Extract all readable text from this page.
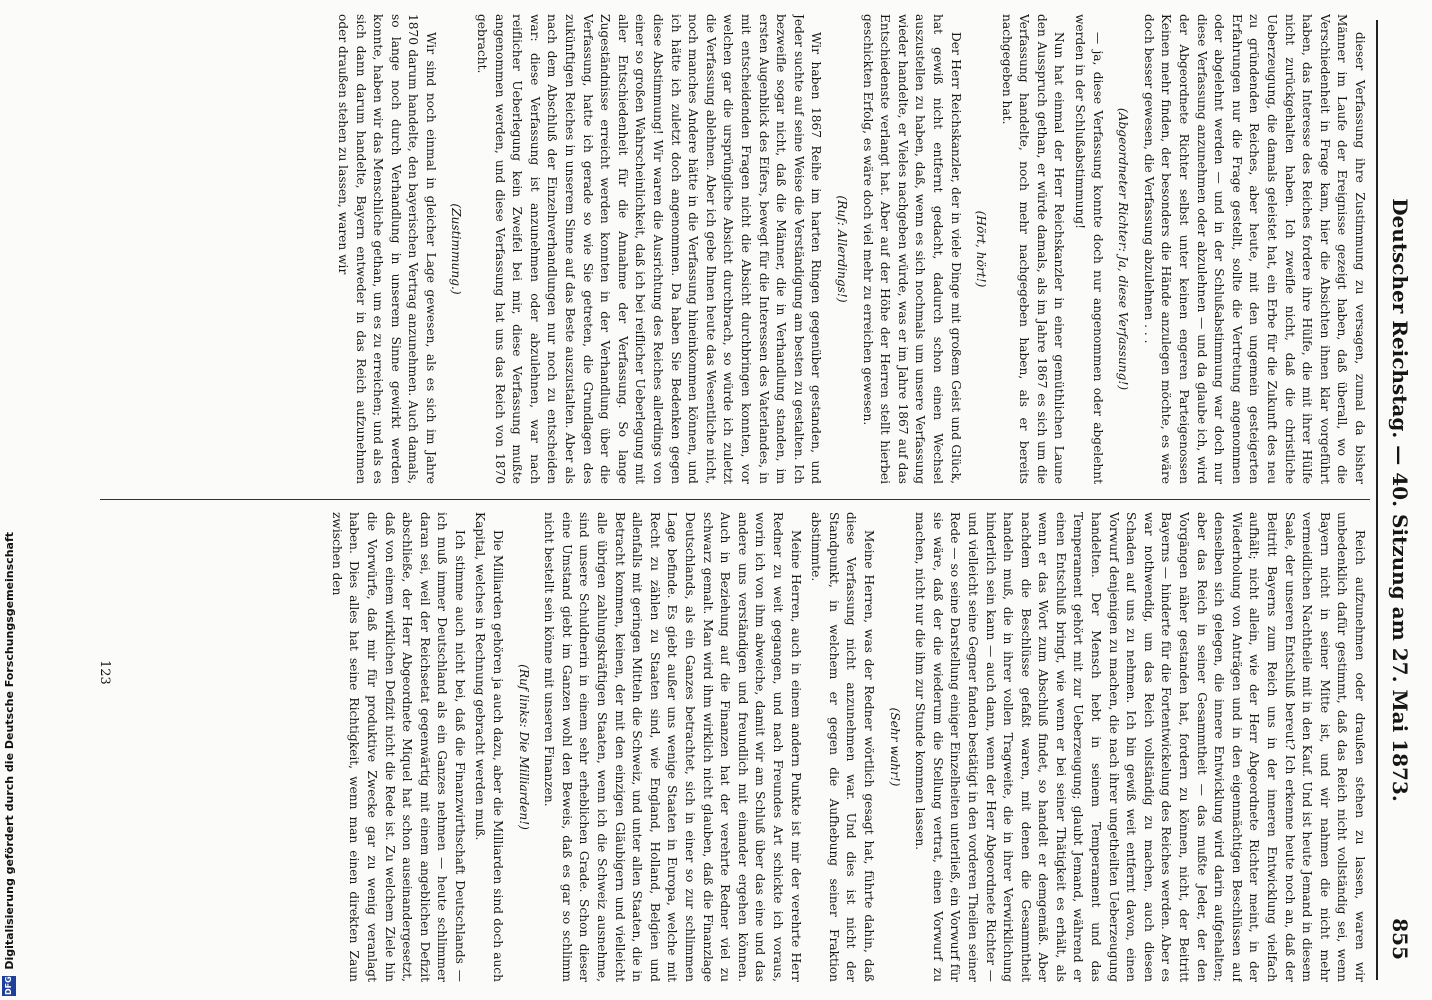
Deutscher Reichstag. — 40. Sitzung am 27. Mai 1873.
855

dieser Verfassung ihre Zustimmung zu versagen, zumal da bisher Männer im Laufe der Ereignisse gezeigt haben, daß überall, wo die Verschiedenheit in Frage kam, hier die Absichten ihnen klar vorgeführt haben, das Interesse des Reiches fordere ihre Hülfe, die mit ihrer Hülfe nicht zurückgehalten haben. Ich zweifle nicht, daß die christliche Ueberzeugung, die damals geleistet hat, ein Erbe für die Zukunft des neu zu gründenden Reiches, aber heute, mit den ungemein gesteigerten Erfahrungen nur die Frage gestellt, sollte die Vertretung angenommen oder abgelehnt werden — und in der Schlußabstimmung war doch nur diese Verfassung anzunehmen oder abzulehnen — und da glaube ich, wird der Abgeordnete Richter selbst unter keinen engeren Parteigenossen Keinen mehr finden, der besonders die Hände anzulegen möchte, es wäre doch besser gewesen, die Verfassung abzulehnen . . .

(Abgeordneter Richter: Ja, diese Verfassung!)

— ja, diese Verfassung konnte doch nur angenommen oder abgelehnt werden in der Schlußabstimmung!

Nun hat einmal der Herr Reichskanzler in einer gemüthlichen Laune den Ausspruch gethan, er würde damals, als im Jahre 1867 es sich um die Verfassung handelte, noch mehr nachgegeben haben, als er bereits nachgegeben hat.

(Hört, hört!)

Der Herr Reichskanzler, der in viele Dinge mit großem Geist und Glück, hat gewiß nicht entfernt gedacht, dadurch schon einen Wechsel auszustellen zu haben, daß, wenn es sich nochmals um unsere Verfassung wieder handelte, er Vieles nachgeben würde, was er im Jahre 1867 auf das Entschiedenste verlangt hat. Aber auf der Höhe der Herren stellt hierbei geschickten Erfolg, es wäre doch viel mehr zu erreichen gewesen.

(Ruf: Allerdings!)

Wir haben 1867 Reihe im harten Ringen gegenüber gestanden, und Jeder suchte auf seine Weise die Verständigung am besten zu gestalten. Ich bezweifle sogar nicht, daß die Männer, die in Verhandlung standen, im ersten Augenblick des Eifers, bewegt für die Interessen des Vaterlandes, in mit entscheidenden Fragen nicht die Absicht durchbringen konnten, vor welchen gar die ursprüngliche Absicht durchbrach, so würde ich zuletzt die Verfassung ablehnen. Aber ich gebe Ihnen heute das Wesentliche nicht, noch manches Andere hätte in die Verfassung hineinkommen können, und ich hätte ich zuletzt doch angenommen. Da haben Sie Bedenken gegen diese Abstimmung! Wir waren die Ausrichtung des Reiches allerdings von einer so großen Wahrscheinlichkeit, daß ich bei reiflicher Ueberlegung mit aller Entschiedenheit für die Annahme der Verfassung. So lange Zugeständnisse erreicht werden konnten in der Verhandlung über die Verfassung, hatte ich gerade so wie Sie getreten, die Grundlagen des zukünftigen Reiches in unserem Sinne auf das Beste auszustalten. Aber als nach dem Abschluß der Einzelnverhandlungen nur noch zu entscheiden war: diese Verfassung ist anzunehmen oder abzulehnen, war nach reiflicher Ueberlegung kein Zweifel bei mir, diese Verfassung mußte angenommen werden, und diese Verfassung hat uns das Reich von 1870 gebracht.

(Zustimmung.)

Wir sind noch einmal in gleicher Lage gewesen, als es sich im Jahre 1870 darum handelte, den bayerischen Vertrag anzunehmen. Auch damals, so lange noch durch Verhandlung in unserem Sinne gewirkt werden konnte, haben wir das Menschliche gethan, um es zu erreichen; und als es sich dann darum handelte, Bayern entweder in das Reich aufzunehmen oder draußen stehen zu lassen, waren wir

Reich aufzunehmen oder draußen stehen zu lassen, waren wir unbedenklich dafür gestimmt, daß das Reich nicht vollständig sei, wenn Bayern nicht in seiner Mitte ist, und wir nahmen die nicht mehr vermeidlichen Nachtheile mit in den Kauf. Und ist heute Jemand in diesem Saale, der unseren Entschluß bereut? Ich erkenne heute noch an, daß der Beitritt Bayerns zum Reich uns in der inneren Entwicklung vielfach aufhält; nicht allein, wie der Herr Abgeordnete Richter meint, in der Wiederholung von Anträgen und in den eigenmächtigen Beschlüssen auf denselben sich gelegen, die innere Entwicklung wird darin aufgehalten; aber das Reich in seiner Gesammtheit — das mußte Jeder, der den Vorgängen näher gestanden hat, fordern zu können, nicht, der Beitritt Bayerns — hinderte für die Fortentwickelung des Reiches werden. Aber es war nothwendig, um das Reich vollständig zu machen, auch diesen Schaden auf uns zu nehmen. Ich bin gewiß weit entfernt davon, einen Vorwurf denjenigen zu machen, die nach ihrer ungetheilten Ueberzeugung handelten. Der Mensch hebt in seinem Temperament und das Temperament gehört mit zur Ueberzeugung; glaubt Jemand, während er einen Entschluß bringt, wie wenn er bei seiner Thätigkeit es erhält, als wenn er das Wort zum Abschluß findet, so handelt er demgemäß. Aber nachdem die Beschlüsse gefaßt waren, mit denen die Gesammtheit handeln muß, die in ihrer vollen Tragweite, die in ihrer Verwirklichung hinderlich sein kann — auch dann, wenn der Herr Abgeordnete Richter — und vielleicht seine Gegner fanden bestätigt in den vorderen Theilen seiner Rede — so seine Darstellung einiger Einzelheiten unterließ, ein Vorwurf für sie wäre, daß der die wiederum die Stellung vertrat, einen Vorwurf zu machen, nicht nur die ihm zur Stunde kommen lassen.

(Sehr wahr!)

Meine Herren, was der Redner wörtlich gesagt hat, führte dahin, daß diese Verfassung nicht anzunehmen war. Und dies ist nicht der Standpunkt, in welchem er gegen die Aufhebung seiner Fraktion abstimmte.

Meine Herren, auch in einem andern Punkte ist mir der verehrte Herr Redner zu weit gegangen, und nach Freundes Art schickte ich voraus, worin ich von ihm abweiche, damit wir am Schluß über das eine und das andere uns verständigen und freundlich mit einander ergehen können. Auch in Beziehung auf die Finanzen hat der verehrte Redner viel zu schwarz gemalt. Man wird ihm wirklich nicht glauben, daß die Finanzlage Deutschlands, als ein Ganzes betrachtet, sich in einer so zur schlimmen Lage befinde. Es giebt außer uns wenige Staaten in Europa, welche mit Recht zu zählen zu Staaten sind, wie England, Holland, Belgien und allenfalls mit geringen Mitteln die Schweiz, und unter allen Staaten, die in Betracht kommen, keinen, der mit den einzigen Gläubigern und vielleicht alle übrigen zahlungskräftigen Staaten, wenn ich die Schweiz ausnehme, sind unsere Schuldnerin in einem sehr erheblichen Grade. Schon dieser eine Umstand giebt im Ganzen wohl den Beweis, daß es gar so schlimm nicht bestellt sein könne mit unseren Finanzen.

(Ruf links: Die Milliarden!)

Die Milliarden gehören ja auch dazu, aber die Milliarden sind doch auch Kapital, welches in Rechnung gebracht werden muß.

Ich stimme auch nicht bei, daß die Finanzwirthschaft Deutschlands — ich muß immer Deutschland als ein Ganzes nehmen — heute schlimmer daran sei, weil der Reichsetat gegenwärtig mit einem angeblichen Defizit abschließe, der Herr Abgeordnete Miquel hat schon auseinandergesetzt, daß von einem wirklichen Defizit nicht die Rede ist. Zu welchem Ziele hin die Vorwürfe, daß mir für produktive Zwecke gar zu wenig veranlagt haben. Dies alles hat seine Richtigkeit, wenn man einen direkten Zaun zwischen den

123
Digitalisierung gefördert durch die Deutsche Forschungsgemeinschaft
DFG
